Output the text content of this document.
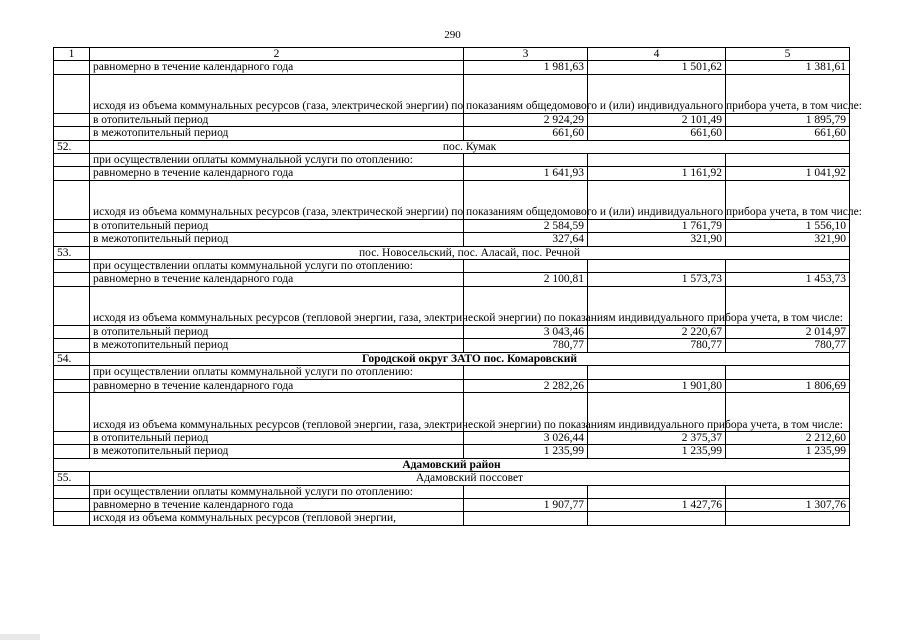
290
1	2	3	4	5
	равномерно в течение календарного года	1 981,63	1 501,62	1 381,61
	исходя из объема коммунальных ресурсов (газа, электрической энергии) по показаниям общедомового и (или) индивидуального прибора учета, в том числе:			
	в отопительный период	2 924,29	2 101,49	1 895,79
	в межотопительный период	661,60	661,60	661,60
52.	пос. Кумак			
	при осуществлении оплаты коммунальной услуги по отоплению:			
	равномерно в течение календарного года	1 641,93	1 161,92	1 041,92
	исходя из объема коммунальных ресурсов (газа, электрической энергии) по показаниям общедомового и (или) индивидуального прибора учета, в том числе:			
	в отопительный период	2 584,59	1 761,79	1 556,10
	в межотопительный период	327,64	321,90	321,90
53.	пос. Новосельский, пос. Аласай, пос. Речной			
	при осуществлении оплаты коммунальной услуги по отоплению:			
	равномерно в течение календарного года	2 100,81	1 573,73	1 453,73
	исходя из объема коммунальных ресурсов (тепловой энергии, газа, электрической энергии) по показаниям индивидуального прибора учета, в том числе:			
	в отопительный период	3 043,46	2 220,67	2 014,97
	в межотопительный период	780,77	780,77	780,77
54.	Городской округ ЗАТО пос. Комаровский			
	при осуществлении оплаты коммунальной услуги по отоплению:			
	равномерно в течение календарного года	2 282,26	1 901,80	1 806,69
	исходя из объема коммунальных ресурсов (тепловой энергии, газа, электрической энергии) по показаниям индивидуального прибора учета, в том числе:			
	в отопительный период	3 026,44	2 375,37	2 212,60
	в межотопительный период	1 235,99	1 235,99	1 235,99
Адамовский район				
55.	Адамовский поссовет			
	при осуществлении оплаты коммунальной услуги по отоплению:			
	равномерно в течение календарного года	1 907,77	1 427,76	1 307,76
	исходя из объема коммунальных ресурсов (тепловой энергии,			
